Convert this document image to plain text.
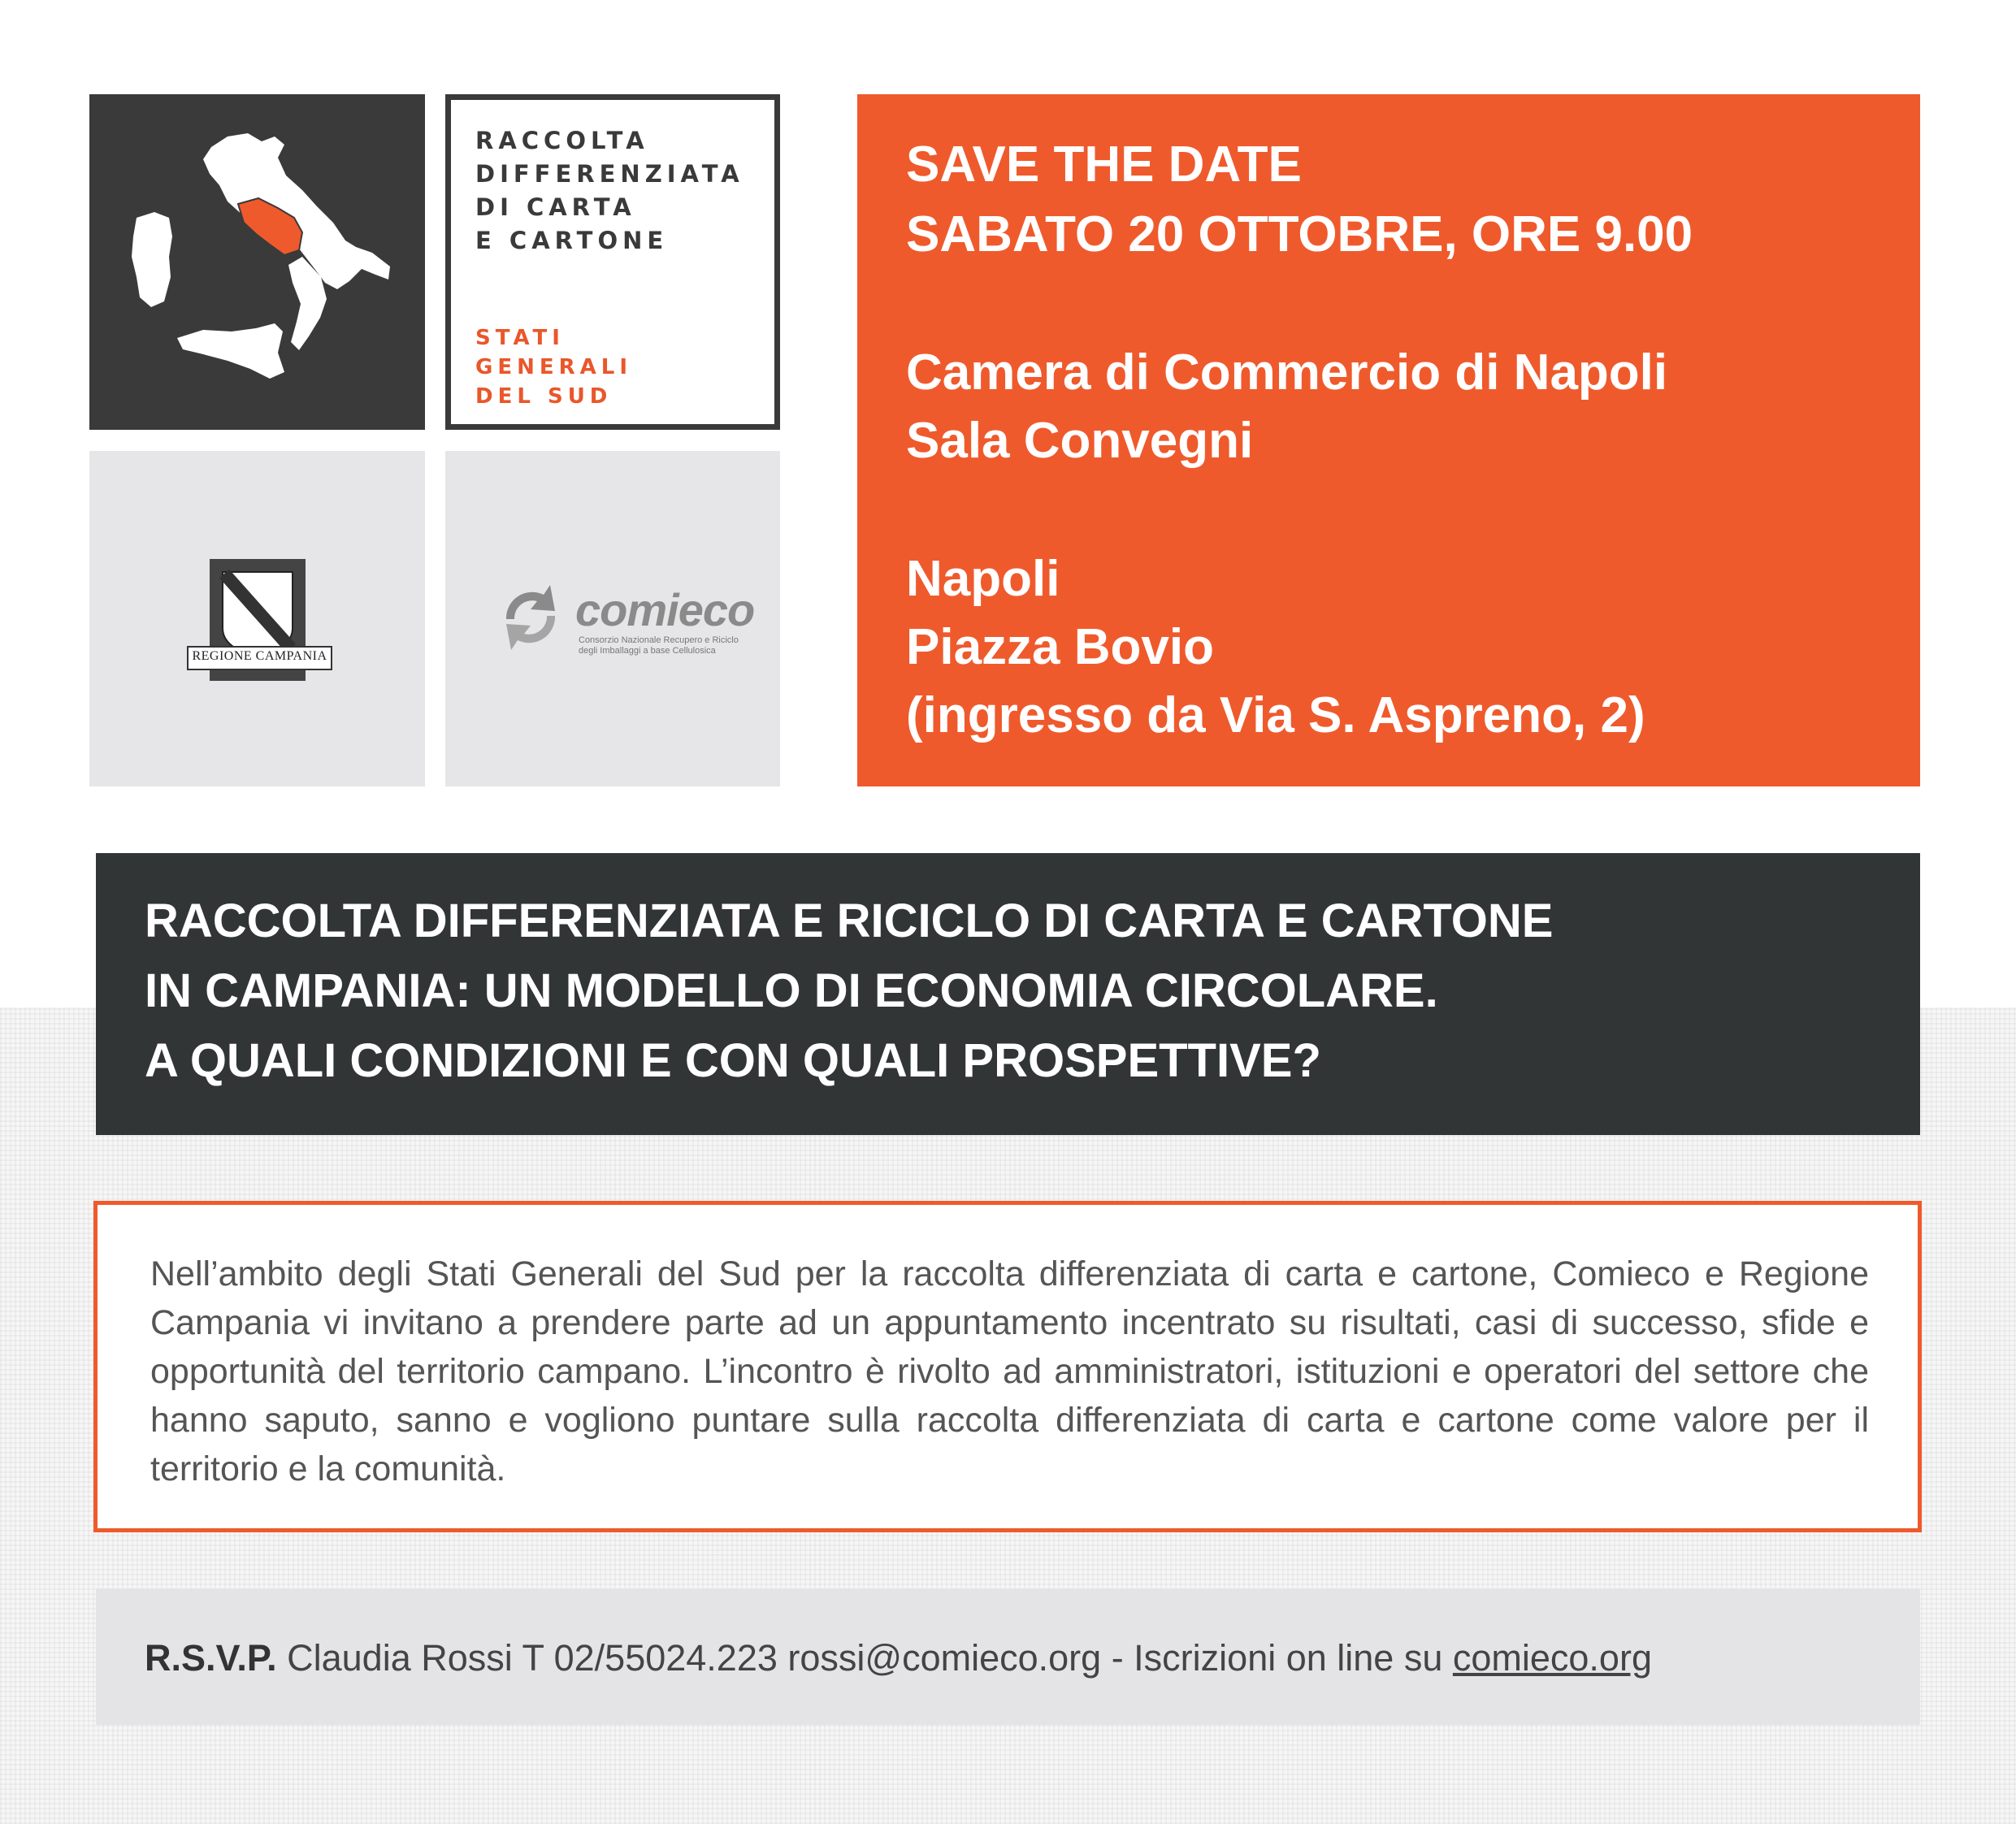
RACCOLTA
DIFFERENZIATA
DI CARTA
E CARTONE

STATI
GENERALI
DEL SUD

REGIONE CAMPANIA
comieco
Consorzio Nazionale Recupero e Riciclo
degli Imballaggi a base Cellulosica

SAVE THE DATE

SABATO 20 OTTOBRE, ORE 9.00

Camera di Commercio di Napoli

Sala Convegni

Napoli

Piazza Bovio

(ingresso da Via S. Aspreno, 2)

RACCOLTA DIFFERENZIATA E RICICLO DI CARTA E CARTONE

IN CAMPANIA: UN MODELLO DI ECONOMIA CIRCOLARE.

A QUALI CONDIZIONI E CON QUALI PROSPETTIVE?

Nell’ambito degli Stati Generali del Sud per la raccolta differenziata di carta e cartone, Comieco e Regione Campania vi invitano a prendere parte ad un appuntamento incentrato su risultati, casi di successo, sfide e opportunità del territorio campano. L’incontro è rivolto ad amministratori, istituzioni e operatori del settore che hanno saputo, sanno e vogliono puntare sulla raccolta differenziata di carta e cartone come valore per il territorio e la comunità.

R.S.V.P. Claudia Rossi T 02/55024.223 rossi@comieco.org - Iscrizioni on line su comieco.org
